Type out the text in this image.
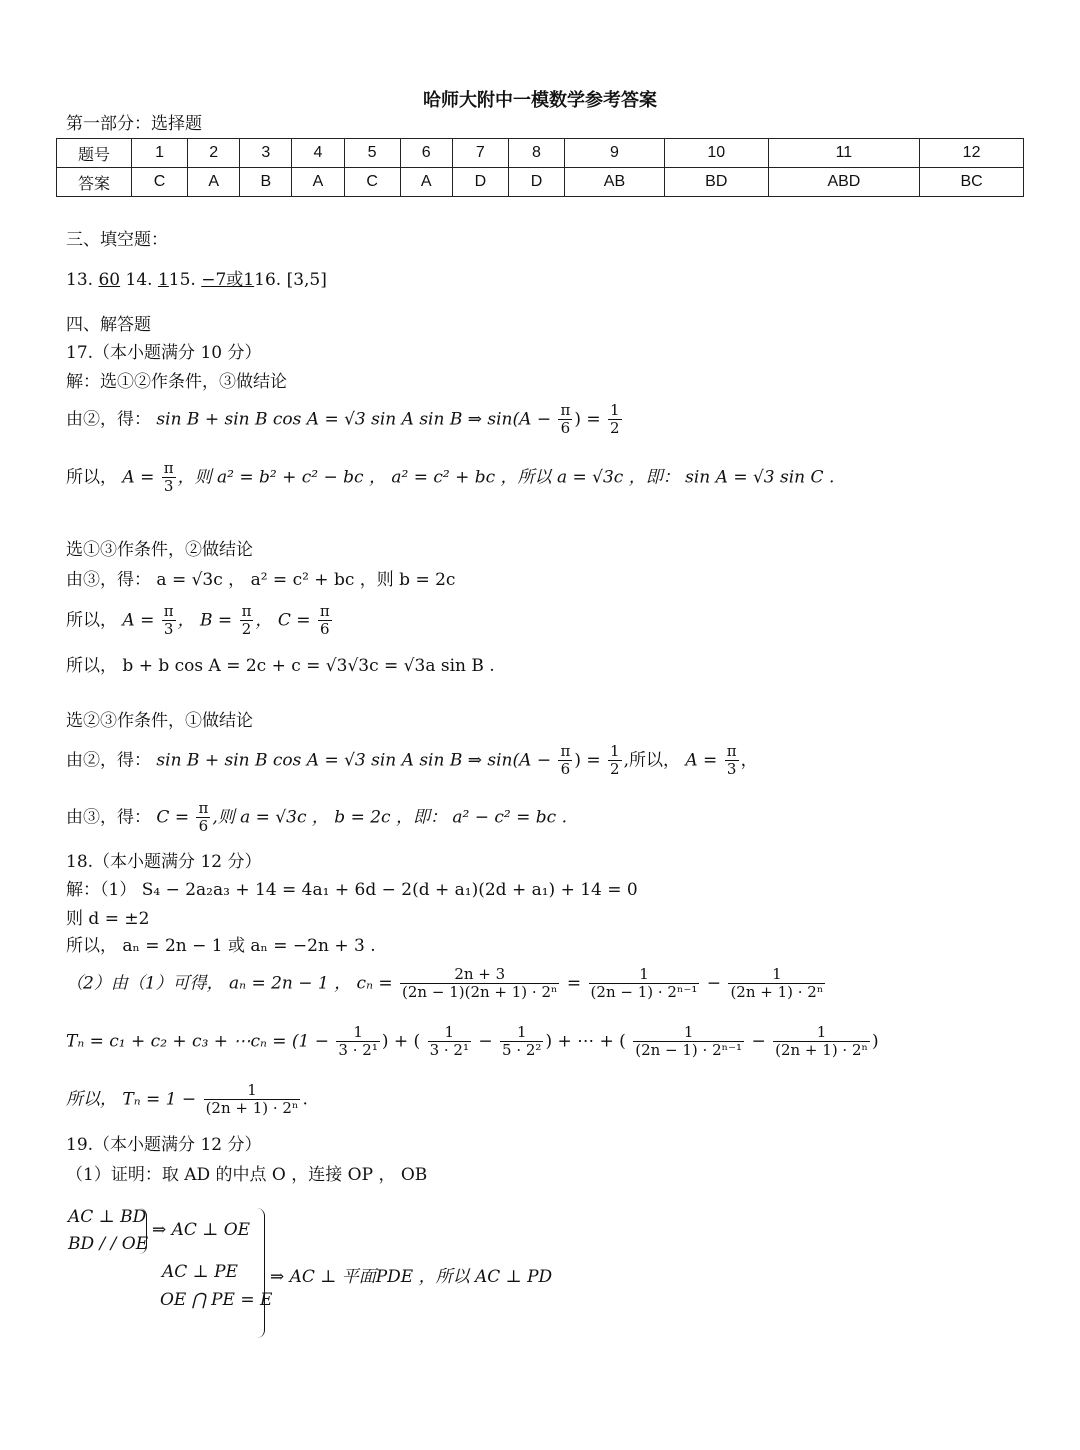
哈师大附中一模数学参考答案
第一部分：选择题
题号	1	2	3	4	5	6	7	8	9	10	11	12
答案	C	A	B	A	C	A	D	D	AB	BD	ABD	BC
三、填空题：
13. 60 14. 115. −7或116. [3,5]
四、解答题
17.（本小题满分 10 分）
解：选①②作条件，③做结论
由②，得： sin B + sin B cos A = √3 sin A sin B ⇒ $\sin(A - \frac{\pi}{6}$ ) = $\frac{1}{2}$
所以， $A = \frac{\pi}{3}$ ，则 a² = b² + c² − bc ， a² = c² + bc ，所以 a = √3c ，即： sin A = √3 sin C .
选①③作条件，②做结论
由③，得： a = √3c ， a² = c² + bc ，则 b = 2c
所以， $A = \frac{\pi}{3}$ ， $B = \frac{\pi}{2}$ ， $C = \frac{\pi}{6}$
所以， b + b cos A = 2c + c = √3√3c = √3a sin B .
选②③作条件，①做结论
由②，得： sin B + sin B cos A = √3 sin A sin B ⇒ $\sin(A - \frac{\pi}{6}$ ) = $\frac{1}{2}$ ,所以， $A = \frac{\pi}{3}$ ，
由③，得： $C = \frac{\pi}{6}$ ,则 a = √3c ， b = 2c ，即： a² − c² = bc .
18.（本小题满分 12 分）
解：（1） S₄ − 2a₂a₃ + 14 = 4a₁ + 6d − 2(d + a₁)(2d + a₁) + 14 = 0
则 d = ±2
所以， aₙ = 2n − 1 或 aₙ = −2n + 3 .
（2）由（1）可得， aₙ = 2n − 1 ， $c_n = \frac{2n + 3}{\text{(2n − 1)(2n + 1) · 2ⁿ}} = \frac{1}{\text{(2n − 1) · 2ⁿ⁻¹}} - \frac{1}{\text{(2n + 1) · 2ⁿ}}$
Tₙ = c₁ + c₂ + c₃ + ⋯cₙ = ($1 - \frac{1}{\text{3 · 2¹}}$ ) + ( $\frac{1}{\text{3 · 2¹}} - \frac{1}{\text{5 · 2²}}$ ) + ⋯ + ( $\frac{1}{\text{(2n − 1) · 2ⁿ⁻¹}} - \frac{1}{\text{(2n + 1) · 2ⁿ}}$ )
所以， $T_n = 1 - \frac{1}{\text{(2n + 1) · 2ⁿ}}$ .
19.（本小题满分 12 分）
（1）证明：取 AD 的中点 O ，连接 OP ， OB
AC ⊥ BD
BD / / OE
⇒ AC ⊥ OE
AC ⊥ PE
OE ⋂ PE = E
⇒ AC ⊥ 平面PDE ，所以 AC ⊥ PD
